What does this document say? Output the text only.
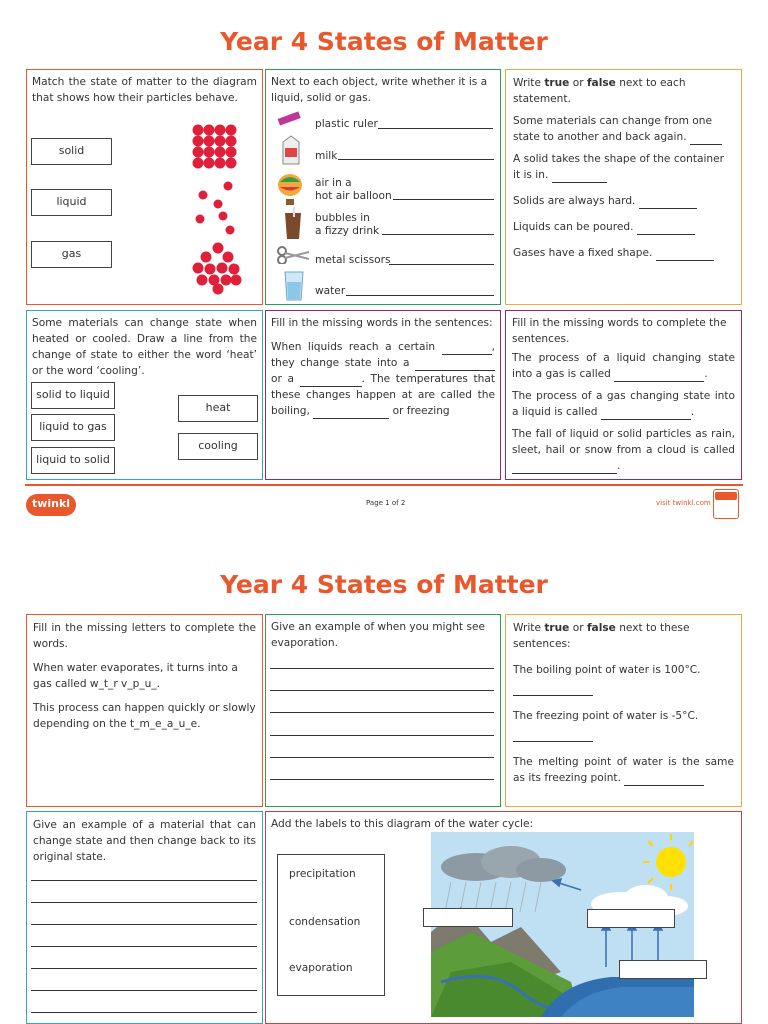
Year 4 States of Matter
Match the state of matter to the diagram that shows how their particles behave.
solid
liquid
gas
Next to each object, write whether it is a liquid, solid or gas.
plastic ruler
milk
air in a
hot air balloon
bubbles in
a fizzy drink
metal scissors
water

Write true or false next to each statement.

Some materials can change from one state to another and back again.

A solid takes the shape of the container it is in.

Solids are always hard.

Liquids can be poured.

Gases have a fixed shape.

Some materials can change state when heated or cooled. Draw a line from the change of state to either the word ‘heat’ or the word ‘cooling’.
solid to liquid
liquid to gas
liquid to solid
heat
cooling

Fill in the missing words in the sentences:

When liquids reach a certain	, they change state into a  or a	. The temperatures that these changes happen at are called the boiling,	or freezing

Fill in the missing words to complete the sentences.

The process of a liquid changing state into a gas is called	.

The process of a gas changing state into a liquid is called	.

The fall of liquid or solid particles as rain, sleet, hail or snow from a cloud is called .

twinkl	Page 1 of 2	visit twinkl.com
Year 4 States of Matter

Fill in the missing letters to complete the words.

When water evaporates, it turns into a gas called w_t_r v_p_u_.

This process can happen quickly or slowly depending on the t_m_e_a_u_e.

Give an example of when you might see evaporation.

Write true or false next to these sentences:

The boiling point of water is 100°C.

The freezing point of water is -5°C.

The melting point of water is the same as its freezing point.

Give an example of a material that can change state and then change back to its original state.
Add the labels to this diagram of the water cycle:
precipitation
condensation
evaporation
